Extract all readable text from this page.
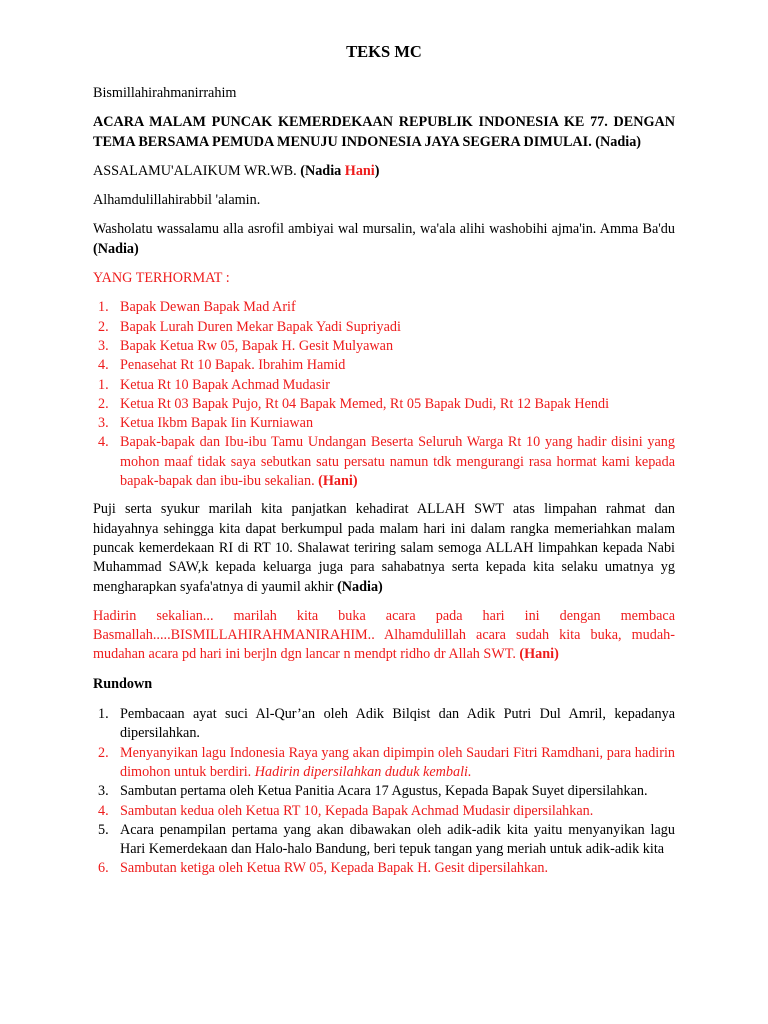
TEKS MC

Bismillahirahmanirrahim

ACARA MALAM PUNCAK KEMERDEKAAN REPUBLIK INDONESIA KE 77. DENGAN TEMA BERSAMA PEMUDA MENUJU INDONESIA JAYA SEGERA DIMULAI. (Nadia)

ASSALAMU'ALAIKUM WR.WB. (Nadia Hani)

Alhamdulillahirabbil 'alamin.

Washolatu wassalamu alla asrofil ambiyai wal mursalin, wa'ala alihi washobihi ajma'in. Amma Ba'du (Nadia)

YANG TERHORMAT :

1. Bapak Dewan Bapak Mad Arif
2. Bapak Lurah Duren Mekar Bapak Yadi Supriyadi
3. Bapak Ketua Rw 05, Bapak H. Gesit Mulyawan
4. Penasehat Rt 10 Bapak. Ibrahim Hamid
1. Ketua Rt 10 Bapak Achmad Mudasir
2. Ketua Rt 03 Bapak Pujo, Rt 04 Bapak Memed, Rt 05 Bapak Dudi, Rt 12 Bapak Hendi
3. Ketua Ikbm Bapak Iin Kurniawan
4. Bapak-bapak dan Ibu-ibu Tamu Undangan Beserta Seluruh Warga Rt 10 yang hadir disini yang mohon maaf tidak saya sebutkan satu persatu namun tdk mengurangi rasa hormat kami kepada bapak-bapak dan ibu-ibu sekalian. (Hani)

Puji serta syukur marilah kita panjatkan kehadirat ALLAH SWT atas limpahan rahmat dan hidayahnya sehingga kita dapat berkumpul pada malam hari ini dalam rangka memeriahkan malam puncak kemerdekaan RI di RT 10. Shalawat teriring salam semoga ALLAH limpahkan kepada Nabi Muhammad SAW,k kepada keluarga juga para sahabatnya serta kepada kita selaku umatnya yg mengharapkan syafa'atnya di yaumil akhir (Nadia)

Hadirin sekalian... marilah kita buka acara pada hari ini dengan membaca Basmallah.....BISMILLAHIRAHMANIRAHIM.. Alhamdulillah acara sudah kita buka, mudah-mudahan acara pd hari ini berjln dgn lancar n mendpt ridho dr Allah SWT. (Hani)

Rundown
1. Pembacaan ayat suci Al-Qur’an oleh Adik Bilqist dan Adik Putri Dul Amril, kepadanya dipersilahkan.
2. Menyanyikan lagu Indonesia Raya yang akan dipimpin oleh Saudari Fitri Ramdhani, para hadirin dimohon untuk berdiri. Hadirin dipersilahkan duduk kembali.
3. Sambutan pertama oleh Ketua Panitia Acara 17 Agustus, Kepada Bapak Suyet dipersilahkan.
4. Sambutan kedua oleh Ketua RT 10, Kepada Bapak Achmad Mudasir dipersilahkan.
5. Acara penampilan pertama yang akan dibawakan oleh adik-adik kita yaitu menyanyikan lagu Hari Kemerdekaan dan Halo-halo Bandung, beri tepuk tangan yang meriah untuk adik-adik kita
6. Sambutan ketiga oleh Ketua RW 05, Kepada Bapak H. Gesit dipersilahkan.
